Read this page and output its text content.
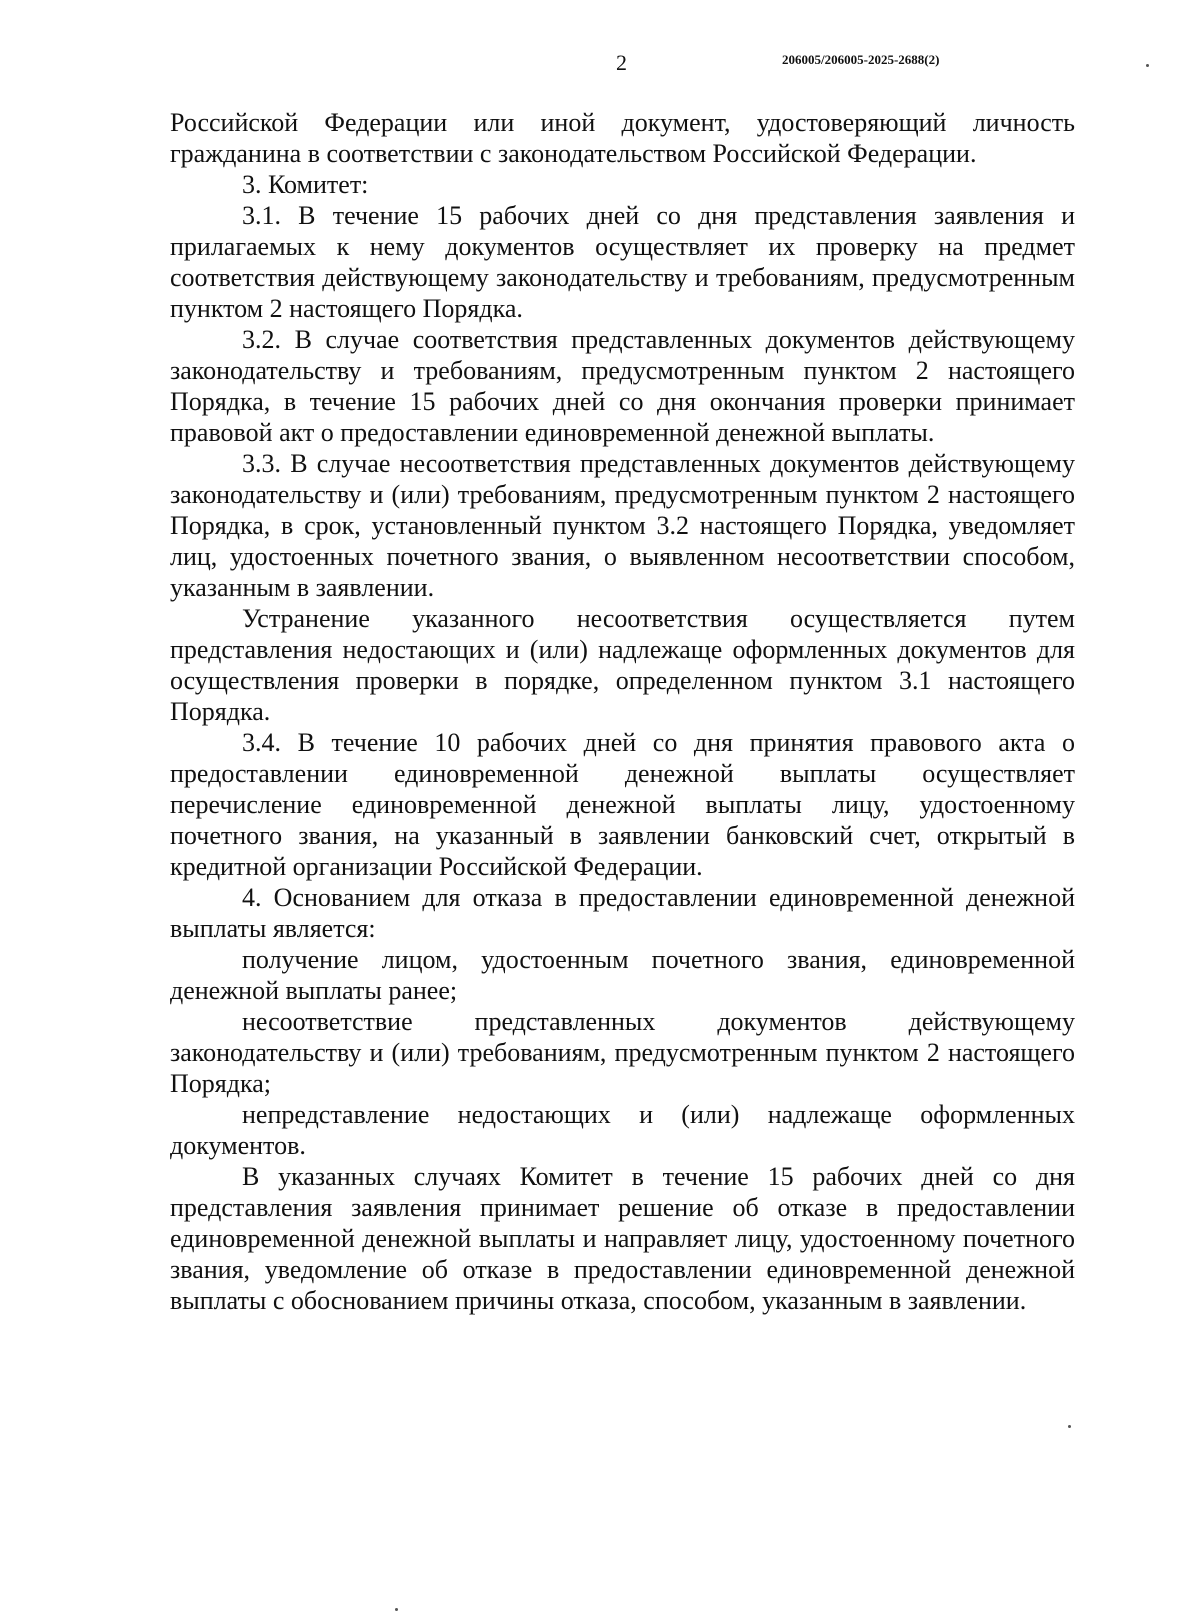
2	206005/206005-2025-2688(2)

Российской Федерации или иной документ, удостоверяющий личность гражданина в соответствии с законодательством Российской Федерации.

3. Комитет:

3.1. В течение 15 рабочих дней со дня представления заявления и прилагаемых к нему документов осуществляет их проверку на предмет соответствия действующему законодательству и требованиям, предусмотренным пунктом 2 настоящего Порядка.

3.2. В случае соответствия представленных документов действующему законодательству и требованиям, предусмотренным пунктом 2 настоящего Порядка, в течение 15 рабочих дней со дня окончания проверки принимает правовой акт о предоставлении единовременной денежной выплаты.

3.3. В случае несоответствия представленных документов действующему законодательству и (или) требованиям, предусмотренным пунктом 2 настоящего Порядка, в срок, установленный пунктом 3.2 настоящего Порядка, уведомляет лиц, удостоенных почетного звания, о выявленном несоответствии способом, указанным в заявлении.

Устранение указанного несоответствия осуществляется путем представления недостающих и (или) надлежаще оформленных документов для осуществления проверки в порядке, определенном пунктом 3.1 настоящего Порядка.

3.4. В течение 10 рабочих дней со дня принятия правового акта о предоставлении единовременной денежной выплаты осуществляет перечисление единовременной денежной выплаты лицу, удостоенному почетного звания, на указанный в заявлении банковский счет, открытый в кредитной организации Российской Федерации.

4. Основанием для отказа в предоставлении единовременной денежной выплаты является:

получение лицом, удостоенным почетного звания, единовременной денежной выплаты ранее;

несоответствие представленных документов действующему законодательству и (или) требованиям, предусмотренным пунктом 2 настоящего Порядка;

непредставление недостающих и (или) надлежаще оформленных документов.

В указанных случаях Комитет в течение 15 рабочих дней со дня представления заявления принимает решение об отказе в предоставлении единовременной денежной выплаты и направляет лицу, удостоенному почетного звания, уведомление об отказе в предоставлении единовременной денежной выплаты с обоснованием причины отказа, способом, указанным в заявлении.
